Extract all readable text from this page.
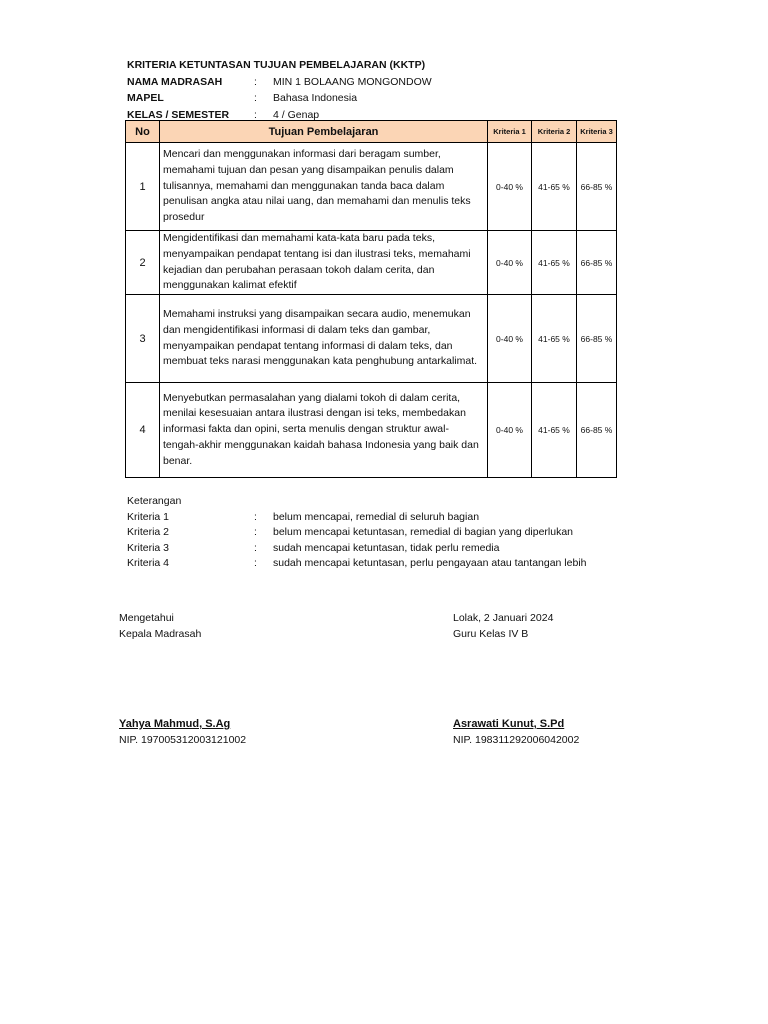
KRITERIA KETUNTASAN TUJUAN PEMBELAJARAN (KKTP)
NAMA MADRASAH	: MIN 1 BOLAANG MONGONDOW
MAPEL	: Bahasa Indonesia
KELAS / SEMESTER : 4 / Genap
No	Tujuan Pembelajaran	Kriteria 1	Kriteria 2	Kriteria 3
1	Mencari dan menggunakan informasi dari beragam sumber, memahami tujuan dan pesan yang disampaikan penulis dalam tulisannya, memahami dan menggunakan tanda baca dalam penulisan angka atau nilai uang, dan memahami dan menulis teks prosedur	0-40 %	41-65 %	66-85 %
2	Mengidentifikasi dan memahami kata-kata baru pada teks, menyampaikan pendapat tentang isi dan ilustrasi teks, memahami kejadian dan perubahan perasaan tokoh dalam cerita, dan menggunakan kalimat efektif	0-40 %	41-65 %	66-85 %
3	Memahami instruksi yang disampaikan secara audio, menemukan dan mengidentifikasi informasi di dalam teks dan gambar, menyampaikan pendapat tentang informasi di dalam teks, dan membuat teks narasi menggunakan kata penghubung antarkalimat.	0-40 %	41-65 %	66-85 %
4	Menyebutkan permasalahan yang dialami tokoh di dalam cerita, menilai kesesuaian antara ilustrasi dengan isi teks, membedakan informasi fakta dan opini, serta menulis dengan struktur awal-tengah-akhir menggunakan kaidah bahasa Indonesia yang baik dan benar.	0-40 %	41-65 %	66-85 %
Keterangan
Kriteria 1	: belum mencapai, remedial di seluruh bagian
Kriteria 2	: belum mencapai ketuntasan, remedial di bagian yang diperlukan
Kriteria 3	: sudah mencapai ketuntasan, tidak perlu remedia
Kriteria 4	: sudah mencapai ketuntasan, perlu pengayaan atau tantangan lebih
Mengetahui
Kepala Madrasah
Yahya Mahmud, S.Ag
NIP. 197005312003121002
Lolak, 2 Januari 2024
Guru Kelas IV B
Asrawati Kunut, S.Pd
NIP. 198311292006042002
